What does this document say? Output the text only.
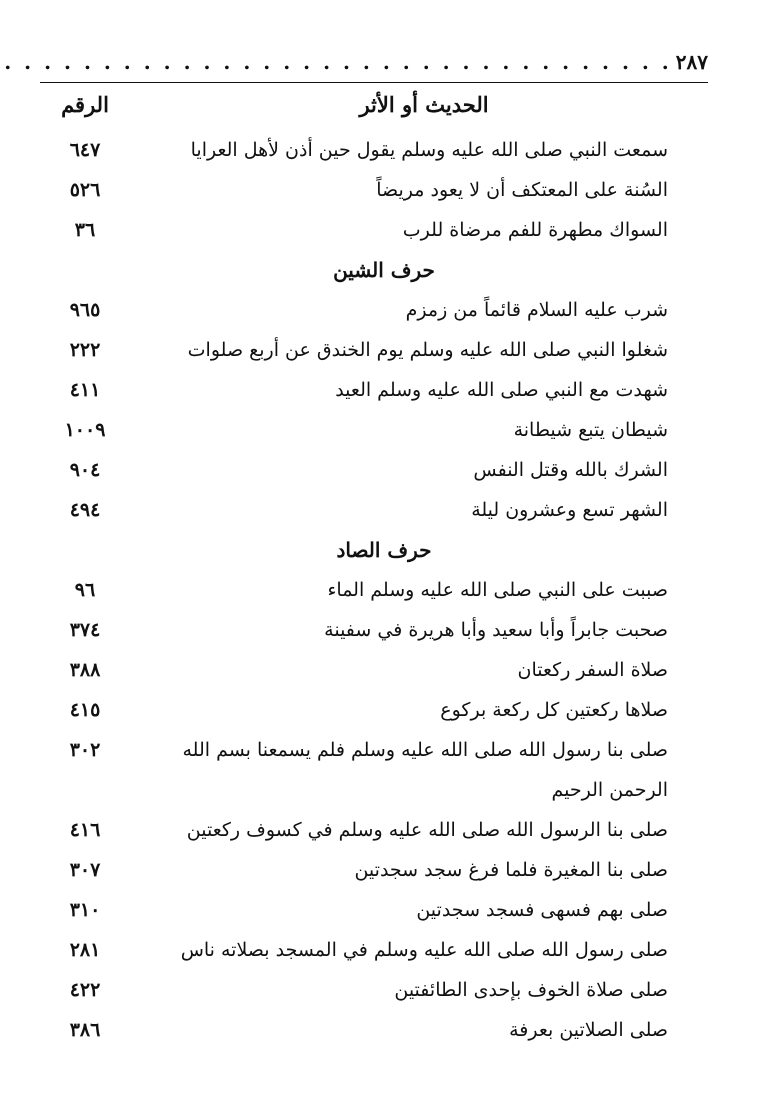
٢٨٧
. . . . . . . . . . . . . . . . . . . . . . . . . . . . . . . . . .
الحديث أو الأثر
الرقم
سمعت النبي صلى الله عليه وسلم يقول حين أذن لأهل العرايا
٦٤٧
السُنة على المعتكف أن لا يعود مريضاً
٥٢٦
السواك مطهرة للفم مرضاة للرب
٣٦
حرف الشين
شرب عليه السلام قائماً من زمزم
٩٦٥
شغلوا النبي صلى الله عليه وسلم يوم الخندق عن أربع صلوات
٢٢٢
شهدت مع النبي صلى الله عليه وسلم العيد
٤١١
شيطان يتبع شيطانة
١٠٠٩
الشرك بالله وقتل النفس
٩٠٤
الشهر تسع وعشرون ليلة
٤٩٤
حرف الصاد
صببت على النبي صلى الله عليه وسلم الماء
٩٦
صحبت جابراً وأبا سعيد وأبا هريرة في سفينة
٣٧٤
صلاة السفر ركعتان
٣٨٨
صلاها ركعتين كل ركعة بركوع
٤١٥
صلى بنا رسول الله صلى الله عليه وسلم فلم يسمعنا بسم الله الرحمن الرحيم
٣٠٢
صلى بنا الرسول الله صلى الله عليه وسلم في كسوف ركعتين
٤١٦
صلى بنا المغيرة فلما فرغ سجد سجدتين
٣٠٧
صلى بهم فسهى فسجد سجدتين
٣١٠
صلى رسول الله صلى الله عليه وسلم في المسجد بصلاته ناس
٢٨١
صلى صلاة الخوف بإحدى الطائفتين
٤٢٢
صلى الصلاتين بعرفة
٣٨٦
